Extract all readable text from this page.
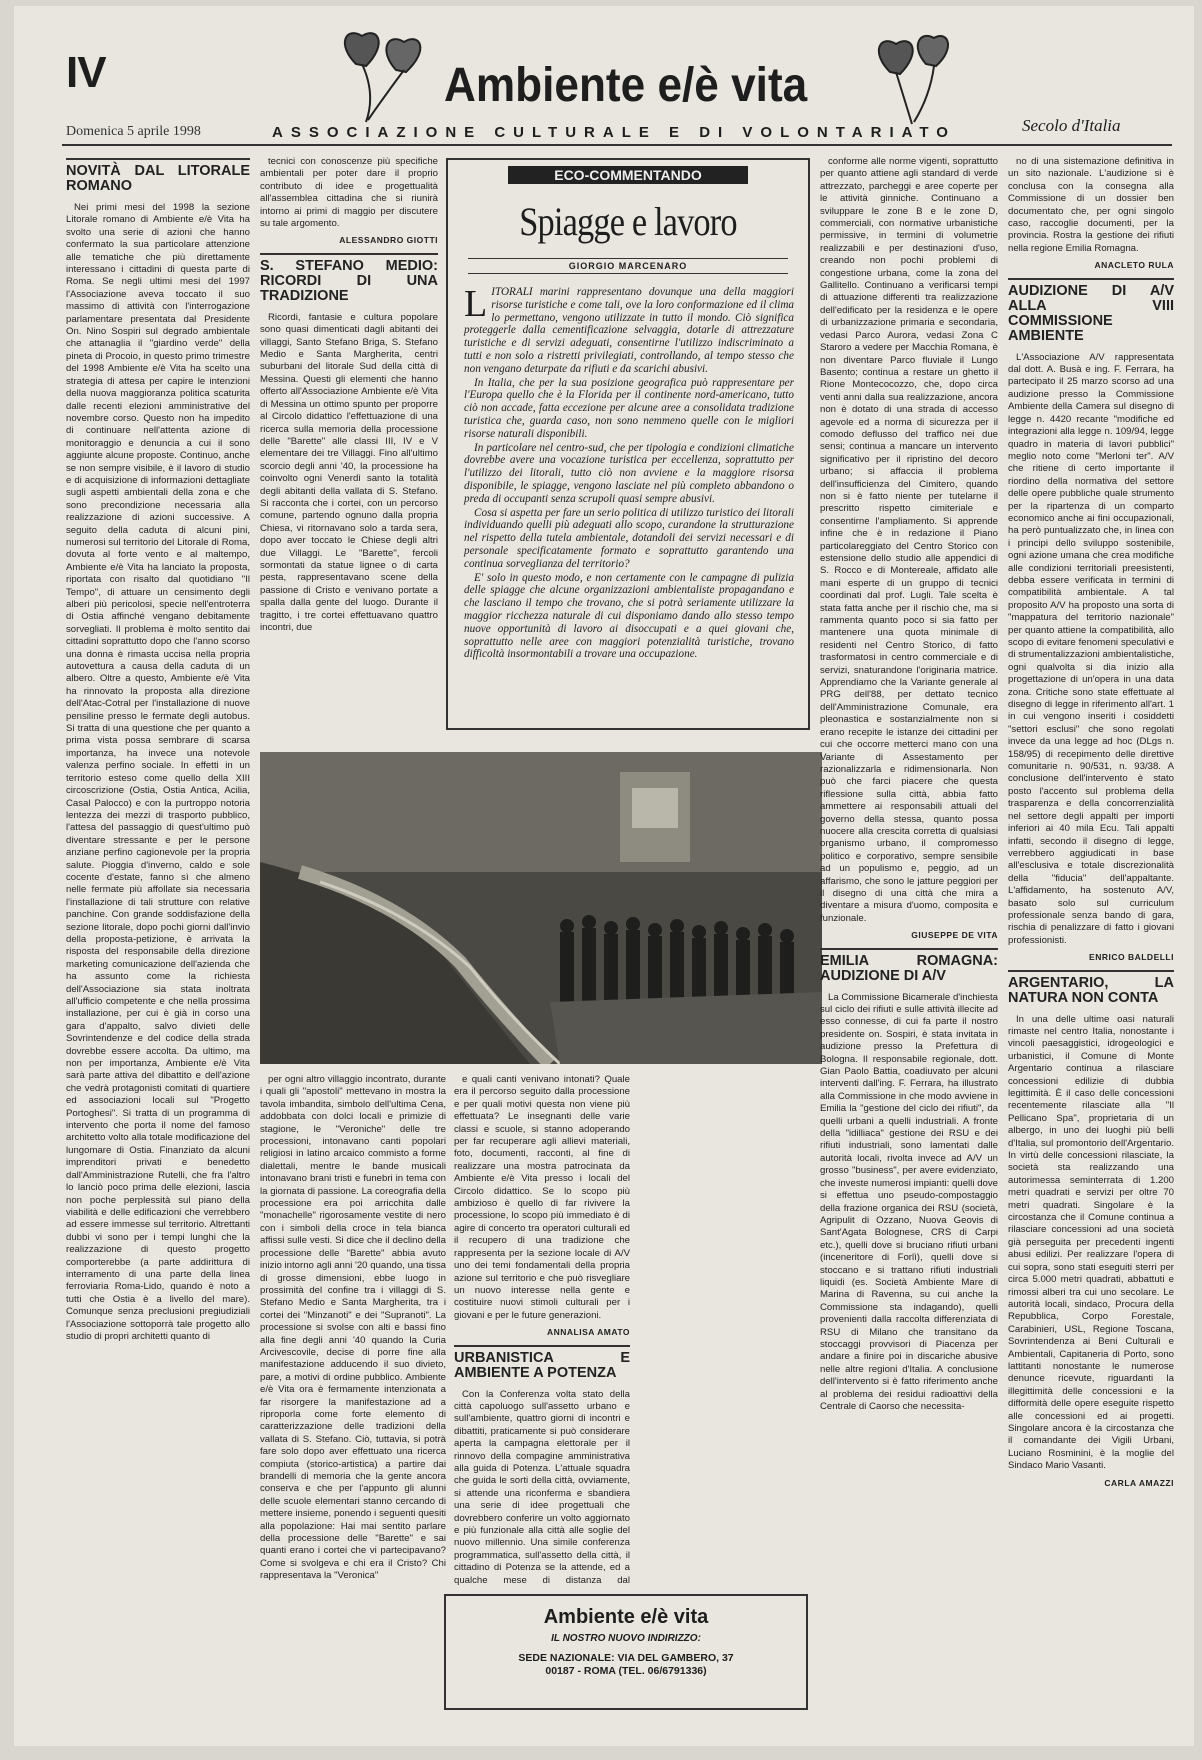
IV	Ambiente e/è vita
Domenica 5 aprile 1998	ASSOCIAZIONE CULTURALE E DI VOLONTARIATO	Secolo d'Italia
NOVITÀ DAL LITORALE ROMANO

Nei primi mesi del 1998 la sezione Litorale romano di Ambiente e/è Vita ha svolto una serie di azioni che hanno confermato la sua particolare attenzione alle tematiche che più direttamente interessano i cittadini di questa parte di Roma. Se negli ultimi mesi del 1997 l'Associazione aveva toccato il suo massimo di attività con l'interrogazione parlamentare presentata dal Presidente On. Nino Sospiri sul degrado ambientale che attanaglia il "giardino verde" della pineta di Procoio, in questo primo trimestre del 1998 Ambiente e/è Vita ha scelto una strategia di attesa per capire le intenzioni della nuova maggioranza politica scaturita dalle recenti elezioni amministrative del novembre corso. Questo non ha impedito di continuare nell'attenta azione di monitoraggio e denuncia a cui il sono aggiunte alcune proposte. Continuo, anche se non sempre visibile, è il lavoro di studio e di acquisizione di informazioni dettagliate sugli aspetti ambientali della zona e che sono precondizione necessaria alla realizzazione di azioni successive. A seguito della caduta di alcuni pini, numerosi sul territorio del Litorale di Roma, dovuta al forte vento e al maltempo, Ambiente e/è Vita ha lanciato la proposta, riportata con risalto dal quotidiano "Il Tempo", di attuare un censimento degli alberi più pericolosi, specie nell'entroterra di Ostia affinché vengano debitamente sorvegliati. Il problema è molto sentito dai cittadini soprattutto dopo che l'anno scorso una donna è rimasta uccisa nella propria autovettura a causa della caduta di un albero. Oltre a questo, Ambiente e/è Vita ha rinnovato la proposta alla direzione dell'Atac-Cotral per l'installazione di nuove pensiline presso le fermate degli autobus. Si tratta di una questione che per quanto a prima vista possa sembrare di scarsa importanza, ha invece una notevole valenza perfino sociale. In effetti in un territorio esteso come quello della XIII circoscrizione (Ostia, Ostia Antica, Acilia, Casal Palocco) e con la purtroppo notoria lentezza dei mezzi di trasporto pubblico, l'attesa del passaggio di quest'ultimo può diventare stressante e per le persone anziane perfino cagionevole per la propria salute. Pioggia d'inverno, caldo e sole cocente d'estate, fanno sì che almeno nelle fermate più affollate sia necessaria l'installazione di tali strutture con relative panchine. Con grande soddisfazione della sezione litorale, dopo pochi giorni dall'invio della proposta-petizione, è arrivata la risposta del responsabile della direzione marketing comunicazione dell'azienda che ha assunto come la richiesta dell'Associazione sia stata inoltrata all'ufficio competente e che nella prossima installazione, per cui è già in corso una gara d'appalto, salvo divieti delle Sovrintendenze e del codice della strada dovrebbe essere accolta. Da ultimo, ma non per importanza, Ambiente e/è Vita sarà parte attiva del dibattito e dell'azione che vedrà protagonisti comitati di quartiere ed associazioni locali sul "Progetto Portoghesi". Si tratta di un programma di intervento che porta il nome del famoso architetto volto alla totale modificazione del lungomare di Ostia. Finanziato da alcuni imprenditori privati e benedetto dall'Amministrazione Rutelli, che fra l'altro lo lanciò poco prima delle elezioni, lascia non poche perplessità sul piano della viabilità e delle edificazioni che verrebbero ad essere immesse sul territorio. Altrettanti dubbi vi sono per i tempi lunghi che la realizzazione di questo progetto comporterebbe (a parte addirittura di interramento di una parte della linea ferroviaria Roma-Lido, quando è noto a tutti che Ostia è a livello del mare). Comunque senza preclusioni pregiudiziali l'Associazione sottoporrà tale progetto allo studio di propri architetti quanto di

tecnici con conoscenze più specifiche ambientali per poter dare il proprio contributo di idee e progettualità all'assemblea cittadina che si riunirà intorno ai primi di maggio per discutere su tale argomento.

ALESSANDRO GIOTTI
S. STEFANO MEDIO: RICORDI DI UNA TRADIZIONE

Ricordi, fantasie e cultura popolare sono quasi dimenticati dagli abitanti dei villaggi, Santo Stefano Briga, S. Stefano Medio e Santa Margherita, centri suburbani del litorale Sud della città di Messina. Questi gli elementi che hanno offerto all'Associazione Ambiente e/è Vita di Messina un ottimo spunto per proporre al Circolo didattico l'effettuazione di una ricerca sulla memoria della processione delle "Barette" alle classi III, IV e V elementare dei tre Villaggi. Fino all'ultimo scorcio degli anni '40, la processione ha coinvolto ogni Venerdì santo la totalità degli abitanti della vallata di S. Stefano. Si racconta che i cortei, con un percorso comune, partendo ognuno dalla propria Chiesa, vi ritornavano solo a tarda sera, dopo aver toccato le Chiese degli altri due Villaggi. Le "Barette", fercoli sormontati da statue lignee o di carta pesta, rappresentavano scene della passione di Cristo e venivano portate a spalla dalla gente del luogo. Durante il tragitto, i tre cortei effettuavano quattro incontri, due

ECO-COMMENTANDO
Spiagge e lavoro
GIORGIO MARCENARO

LITORALI marini rappresentano dovunque una della maggiori risorse turistiche e come tali, ove la loro conformazione ed il clima lo permettano, vengono utilizzate in tutto il mondo. Ciò significa proteggerle dalla cementificazione selvaggia, dotarle di attrezzature turistiche e di servizi adeguati, consentirne l'utilizzo indiscriminato a tutti e non solo a ristretti privilegiati, controllando, al tempo stesso che non vengano deturpate da rifiuti e da scarichi abusivi.

In Italia, che per la sua posizione geografica può rappresentare per l'Europa quello che è la Florida per il continente nord-americano, tutto ciò non accade, fatta eccezione per alcune aree a consolidata tradizione turistica che, guarda caso, non sono nemmeno quelle con le migliori risorse naturali disponibili.

In particolare nel centro-sud, che per tipologia e condizioni climatiche dovrebbe avere una vocazione turistica per eccellenza, soprattutto per l'utilizzo dei litorali, tutto ciò non avviene e la maggiore risorsa disponibile, le spiagge, vengono lasciate nel più completo abbandono o preda di occupanti senza scrupoli quasi sempre abusivi.

Cosa si aspetta per fare un serio politica di utilizzo turistico dei litorali individuando quelli più adeguati allo scopo, curandone la strutturazione nel rispetto della tutela ambientale, dotandoli dei servizi necessari e di personale specificatamente formato e soprattutto garantendo una continua sorveglianza del territorio?

E' solo in questo modo, e non certamente con le campagne di pulizia delle spiagge che alcune organizzazioni ambientaliste propagandano e che lasciano il tempo che trovano, che si potrà seriamente utilizzare la maggior ricchezza naturale di cui disponiamo dando allo stesso tempo nuove opportunità di lavoro ai disoccupati e a quei giovani che, soprattutto nelle aree con maggiori potenzialità turistiche, trovano difficoltà insormontabili a trovare una occupazione.

per ogni altro villaggio incontrato, durante i quali gli "apostoli" mettevano in mostra la tavola imbandita, simbolo dell'ultima Cena, addobbata con dolci locali e primizie di stagione, le "Veroniche" delle tre processioni, intonavano canti popolari religiosi in latino arcaico commisto a forme dialettali, mentre le bande musicali intonavano brani tristi e funebri in tema con la giornata di passione. La coreografia della processione era poi arricchita dalle "monachelle" rigorosamente vestite di nero con i simboli della croce in tela bianca affissi sulle vesti. Si dice che il declino della processione delle "Barette" abbia avuto inizio intorno agli anni '20 quando, una tissa di grosse dimensioni, ebbe luogo in prossimità del confine tra i villaggi di S. Stefano Medio e Santa Margherita, tra i cortei dei "Minzanoti" e dei "Supranoti". La processione si svolse con alti e bassi fino alla fine degli anni '40 quando la Curia Arcivescovile, decise di porre fine alla manifestazione adducendo il suo divieto, pare, a motivi di ordine pubblico. Ambiente e/è Vita ora è fermamente intenzionata a far risorgere la manifestazione ad a riproporla come forte elemento di caratterizzazione delle tradizioni della vallata di S. Stefano. Ciò, tuttavia, si potrà fare solo dopo aver effettuato una ricerca compiuta (storico-artistica) a partire dai brandelli di memoria che la gente ancora conserva e che per l'appunto gli alunni delle scuole elementari stanno cercando di mettere insieme, ponendo i seguenti quesiti alla popolazione: Hai mai sentito parlare della processione delle "Barette" e sai quanti erano i cortei che vi partecipavano? Come si svolgeva e chi era il Cristo? Chi rappresentava la "Veronica"

e quali canti venivano intonati? Quale era il percorso seguito dalla processione e per quali motivi questa non viene più effettuata? Le insegnanti delle varie classi e scuole, si stanno adoperando per far recuperare agli allievi materiali, foto, documenti, racconti, al fine di realizzare una mostra patrocinata da Ambiente e/è Vita presso i locali del Circolo didattico. Se lo scopo più ambizioso è quello di far rivivere la processione, lo scopo più immediato è di agire di concerto tra operatori culturali ed il recupero di una tradizione che rappresenta per la sezione locale di A/V uno dei temi fondamentali della propria azione sul territorio e che può risvegliare un nuovo interesse nella gente e costituire nuovi stimoli culturali per i giovani e per le future generazioni.

ANNALISA AMATO
URBANISTICA E AMBIENTE A POTENZA

Con la Conferenza volta stato della città capoluogo sull'assetto urbano e sull'ambiente, quattro giorni di incontri e dibattiti, praticamente si può considerare aperta la campagna elettorale per il rinnovo della compagine amministrativa alla guida di Potenza. L'attuale squadra che guida le sorti della città, ovviamente, si attende una riconferma e sbandiera una serie di idee progettuali che dovrebbero conferire un volto aggiornato e più funzionale alla città alle soglie del nuovo millennio. Una simile conferenza programmatica, sull'assetto della città, il cittadino di Potenza se la attende, ed a qualche mese di distanza dal

Ambiente e/è vita
IL NOSTRO NUOVO INDIRIZZO:
SEDE NAZIONALE: VIA DEL GAMBERO, 37
00187 - ROMA (TEL. 06/6791336)

conforme alle norme vigenti, soprattutto per quanto attiene agli standard di verde attrezzato, parcheggi e aree coperte per le attività ginniche. Continuano a sviluppare le zone B e le zone D, commerciali, con normative urbanistiche permissive, in termini di volumetrie realizzabili e per destinazioni d'uso, creando non pochi problemi di congestione urbana, come la zona del Gallitello. Continuano a verificarsi tempi di attuazione differenti tra realizzazione dell'edificato per la residenza e le opere di urbanizzazione primaria e secondaria, vedasi Parco Aurora, vedasi Zona C Staroro a vedere per Macchia Romana, è non diventare Parco fluviale il Lungo Basento; continua a restare un ghetto il Rione Montecocozzo, che, dopo circa venti anni dalla sua realizzazione, ancora non è dotato di una strada di accesso agevole ed a norma di sicurezza per il comodo deflusso del traffico nei due sensi; continua a mancare un intervento significativo per il ripristino del decoro urbano; si affaccia il problema dell'insufficienza del Cimitero, quando non si è fatto niente per tutelarne il prescritto rispetto cimiteriale e consentirne l'ampliamento. Si apprende infine che è in redazione il Piano particolareggiato del Centro Storico con estensione dello studio alle appendici di S. Rocco e di Montereale, affidato alle mani esperte di un gruppo di tecnici coordinati dal prof. Lugli. Tale scelta è stata fatta anche per il rischio che, ma si rammenta quanto poco si sia fatto per mantenere una quota minimale di residenti nel Centro Storico, di fatto trasformatosi in centro commerciale e di servizi, snaturandone l'originaria matrice. Apprendiamo che la Variante generale al PRG dell'88, per dettato tecnico dell'Amministrazione Comunale, era pleonastica e sostanzialmente non si erano recepite le istanze dei cittadini per cui che occorre metterci mano con una Variante di Assestamento per razionalizzarla e ridimensionarla. Non può che farci piacere che questa riflessione sulla città, abbia fatto ammettere ai responsabili attuali del governo della stessa, quanto possa nuocere alla crescita corretta di qualsiasi organismo urbano, il compromesso politico e corporativo, sempre sensibile ad un populismo e, peggio, ad un affarismo, che sono le jatture peggiori per il disegno di una città che mira a diventare a misura d'uomo, composita e funzionale.

GIUSEPPE DE VITA
EMILIA ROMAGNA: AUDIZIONE DI A/V

La Commissione Bicamerale d'inchiesta sul ciclo dei rifiuti e sulle attività illecite ad esso connesse, di cui fa parte il nostro presidente on. Sospiri, è stata invitata in audizione presso la Prefettura di Bologna. Il responsabile regionale, dott. Gian Paolo Battia, coadiuvato per alcuni interventi dall'ing. F. Ferrara, ha illustrato alla Commissione in che modo avviene in Emilia la "gestione del ciclo dei rifiuti", da quelli urbani a quelli industriali. A fronte della "idilliaca" gestione dei RSU e dei rifiuti industriali, sono lamentati dalle autorità locali, rivolta invece ad A/V un grosso "business", per avere evidenziato, che investe numerosi impianti: quelli dove si effettua uno pseudo-compostaggio della frazione organica dei RSU (società, Agripulit di Ozzano, Nuova Geovis di Sant'Agata Bolognese, CRS di Carpi etc.), quelli dove si bruciano rifiuti urbani (inceneritore di Forlì), quelli dove si stoccano e si trattano rifiuti industriali liquidi (es. Società Ambiente Mare di Marina di Ravenna, su cui anche la Commissione sta indagando), quelli provenienti dalla raccolta differenziata di RSU di Milano che transitano da stoccaggi provvisori di Piacenza per andare a finire poi in discariche abusive nelle altre regioni d'Italia. A conclusione dell'intervento si è fatto riferimento anche al problema dei residui radioattivi della Centrale di Caorso che necessita-

no di una sistemazione definitiva in un sito nazionale. L'audizione si è conclusa con la consegna alla Commissione di un dossier ben documentato che, per ogni singolo caso, raccoglie documenti, per la provincia. Rostra la gestione dei rifiuti nella regione Emilia Romagna.

ANACLETO RULA
AUDIZIONE DI A/V ALLA VIII COMMISSIONE AMBIENTE

L'Associazione A/V rappresentata dal dott. A. Busà e ing. F. Ferrara, ha partecipato il 25 marzo scorso ad una audizione presso la Commissione Ambiente della Camera sul disegno di legge n. 4420 recante "modifiche ed integrazioni alla legge n. 109/94, legge quadro in materia di lavori pubblici" meglio noto come "Merloni ter". A/V che ritiene di certo importante il riordino della normativa del settore delle opere pubbliche quale strumento per la ripartenza di un comparto economico anche ai fini occupazionali, ha però puntualizzato che, in linea con i principi dello sviluppo sostenibile, ogni azione umana che crea modifiche alle condizioni territoriali preesistenti, debba essere verificata in termini di compatibilità ambientale. A tal proposito A/V ha proposto una sorta di "mappatura del territorio nazionale" per quanto attiene la compatibilità, allo scopo di evitare fenomeni speculativi e di strumentalizzazioni ambientalistiche, ogni qualvolta si dia inizio alla progettazione di un'opera in una data zona. Critiche sono state effettuate al disegno di legge in riferimento all'art. 1 in cui vengono inseriti i cosiddetti "settori esclusi" che sono regolati invece da una legge ad hoc (DLgs n. 158/95) di recepimento delle direttive comunitarie n. 90/531, n. 93/38. A conclusione dell'intervento è stato posto l'accento sul problema della trasparenza e della concorrenzialità nel settore degli appalti per importi inferiori ai 40 mila Ecu. Tali appalti infatti, secondo il disegno di legge, verrebbero aggiudicati in base all'esclusiva e totale discrezionalità della "fiducia" dell'appaltante. L'affidamento, ha sostenuto A/V, basato solo sul curriculum professionale senza bando di gara, rischia di penalizzare di fatto i giovani professionisti.

ENRICO BALDELLI
ARGENTARIO, LA NATURA NON CONTA

In una delle ultime oasi naturali rimaste nel centro Italia, nonostante i vincoli paesaggistici, idrogeologici e urbanistici, il Comune di Monte Argentario continua a rilasciare concessioni edilizie di dubbia legittimità. È il caso delle concessioni recentemente rilasciate alla "Il Pellicano Spa", proprietaria di un albergo, in uno dei luoghi più belli d'Italia, sul promontorio dell'Argentario. In virtù delle concessioni rilasciate, la società sta realizzando una autorimessa seminterrata di 1.200 metri quadrati e servizi per oltre 70 metri quadrati. Singolare è la circostanza che il Comune continua a rilasciare concessioni ad una società già perseguita per precedenti ingenti abusi edilizi. Per realizzare l'opera di cui sopra, sono stati eseguiti sterri per circa 5.000 metri quadrati, abbattuti e rimossi alberi tra cui uno secolare. Le autorità locali, sindaco, Procura della Repubblica, Corpo Forestale, Carabinieri, USL, Regione Toscana, Sovrintendenza ai Beni Culturali e Ambientali, Capitaneria di Porto, sono lattitanti nonostante le numerose denunce ricevute, riguardanti la illegittimità delle concessioni e la difformità delle opere eseguite rispetto alle concessioni ed ai progetti. Singolare ancora è la circostanza che il comandante dei Vigili Urbani, Luciano Rosminini, è la moglie del Sindaco Mario Vasanti.

CARLA AMAZZI
